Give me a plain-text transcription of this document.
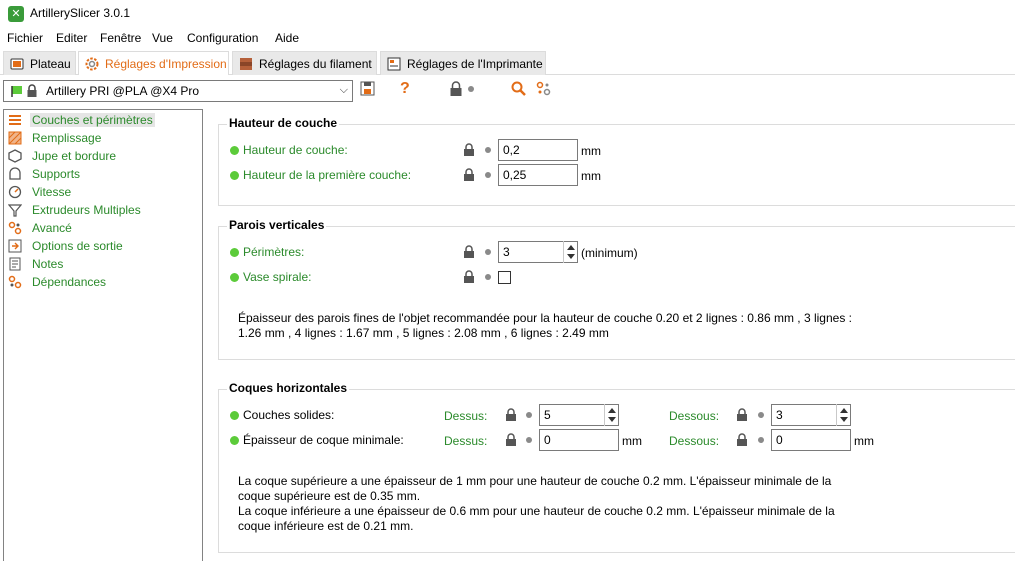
✕ ArtillerySlicer 3.0.1
Fichier Editer Fenêtre Vue Configuration Aide
Plateau	Réglages d'Impression	Réglages du filament	Réglages de l'Imprimante
Artillery PRI @PLA @X4 Pro	⌵	?
Couches et périmètres
Remplissage
Jupe et bordure
Supports
Vitesse
Extrudeurs Multiples
Avancé
Options de sortie
Notes
Dépendances
Hauteur de couche
Hauteur de couche:	0,2	mm
Hauteur de la première couche:	0,25	mm
Parois verticales
Périmètres:	3	(minimum)
Vase spirale:
Épaisseur des parois fines de l'objet recommandée pour la hauteur de couche 0.20 et 2 lignes : 0.86 mm , 3 lignes :
1.26 mm , 4 lignes : 1.67 mm , 5 lignes : 2.08 mm , 6 lignes : 2.49 mm
Coques horizontales
Couches solides:	Dessus:	5	Dessous:	3
Épaisseur de coque minimale:	Dessus:	0	mm Dessous:	0	mm
La coque supérieure a une épaisseur de 1 mm pour une hauteur de couche 0.2 mm. L'épaisseur minimale de la
coque supérieure est de 0.35 mm.
La coque inférieure a une épaisseur de 0.6 mm pour une hauteur de couche 0.2 mm. L'épaisseur minimale de la
coque inférieure est de 0.21 mm.
